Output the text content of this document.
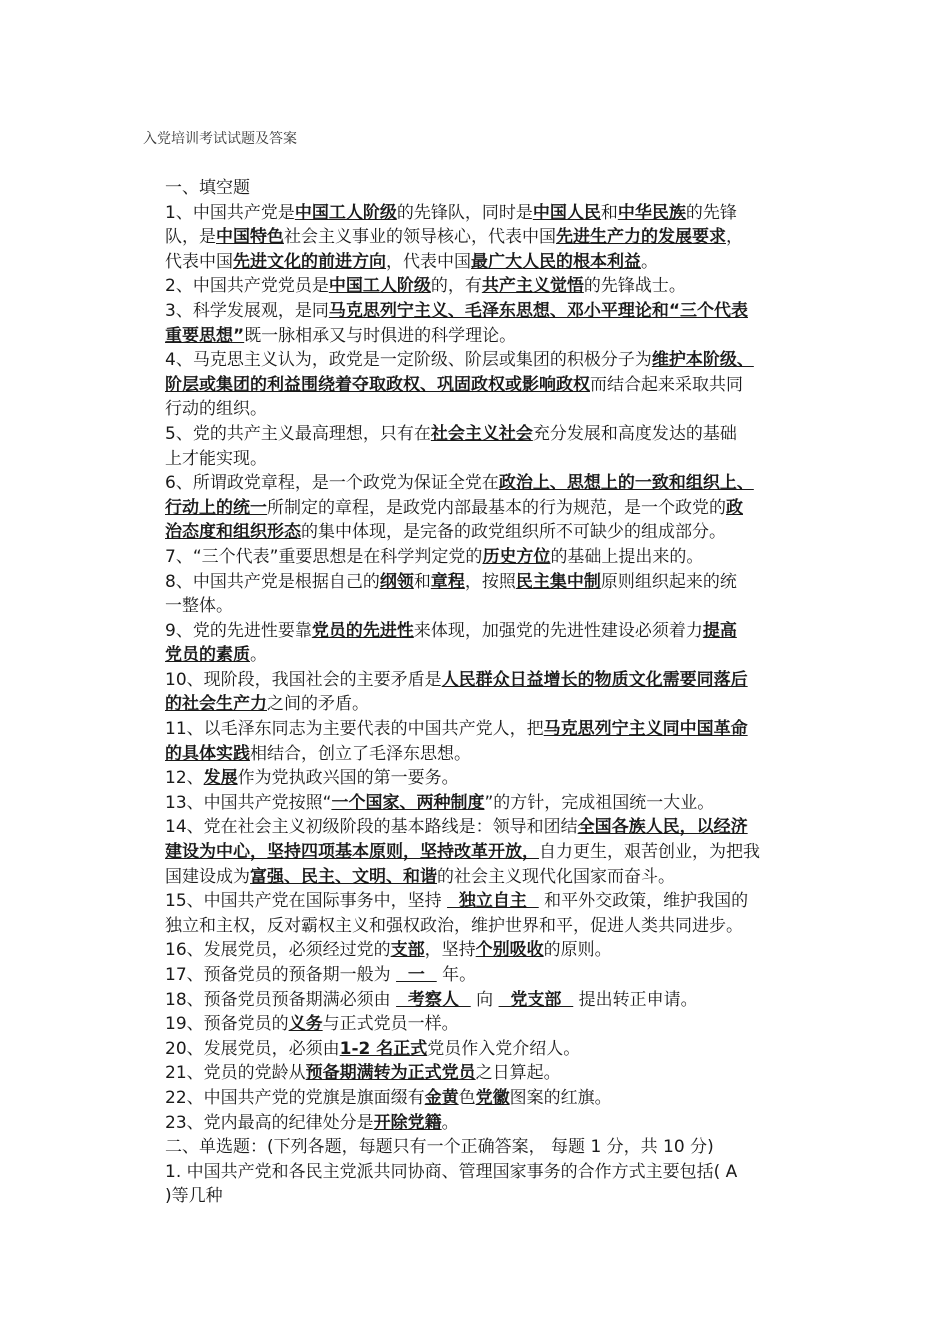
入党培训考试试题及答案
一、填空题
1、中国共产党是中国工人阶级的先锋队，同时是中国人民和中华民族的先锋
队，是中国特色社会主义事业的领导核心，代表中国先进生产力的发展要求，
代表中国先进文化的前进方向，代表中国最广大人民的根本利益。
2、中国共产党党员是中国工人阶级的，有共产主义觉悟的先锋战士。
3、科学发展观，是同马克思列宁主义、毛泽东思想、邓小平理论和“三个代表
重要思想”既一脉相承又与时俱进的科学理论。
4、马克思主义认为，政党是一定阶级、阶层或集团的积极分子为维护本阶级、
阶层或集团的利益围绕着夺取政权、巩固政权或影响政权而结合起来采取共同
行动的组织。
5、党的共产主义最高理想，只有在社会主义社会充分发展和高度发达的基础
上才能实现。
6、所谓政党章程，是一个政党为保证全党在政治上、思想上的一致和组织上、
行动上的统一所制定的章程，是政党内部最基本的行为规范，是一个政党的政
治态度和组织形态的集中体现，是完备的政党组织所不可缺少的组成部分。
7、“三个代表”重要思想是在科学判定党的历史方位的基础上提出来的。
8、中国共产党是根据自己的纲领和章程，按照民主集中制原则组织起来的统
一整体。
9、党的先进性要靠党员的先进性来体现，加强党的先进性建设必须着力提高
党员的素质。
10、现阶段，我国社会的主要矛盾是人民群众日益增长的物质文化需要同落后
的社会生产力之间的矛盾。
11、以毛泽东同志为主要代表的中国共产党人，把马克思列宁主义同中国革命
的具体实践相结合，创立了毛泽东思想。
12、发展作为党执政兴国的第一要务。
13、中国共产党按照“一个国家、两种制度”的方针，完成祖国统一大业。
14、党在社会主义初级阶段的基本路线是：领导和团结全国各族人民，以经济
建设为中心，坚持四项基本原则，坚持改革开放，自力更生，艰苦创业，为把我
国建设成为富强、民主、文明、和谐的社会主义现代化国家而奋斗。
15、中国共产党在国际事务中，坚持   独立自主   和平外交政策，维护我国的
独立和主权，反对霸权主义和强权政治，维护世界和平，促进人类共同进步。
16、发展党员，必须经过党的支部，坚持个别吸收的原则。
17、预备党员的预备期一般为   一   年。
18、预备党员预备期满必须由   考察人   向   党支部   提出转正申请。
19、预备党员的义务与正式党员一样。
20、发展党员，必须由1-2 名正式党员作入党介绍人。
21、党员的党龄从预备期满转为正式党员之日算起。
22、中国共产党的党旗是旗面缀有金黄色党徽图案的红旗。
23、党内最高的纪律处分是开除党籍。
二、单选题：(下列各题，每题只有一个正确答案， 每题 1 分，共 10 分)
1. 中国共产党和各民主党派共同协商、管理国家事务的合作方式主要包括( A
)等几种
